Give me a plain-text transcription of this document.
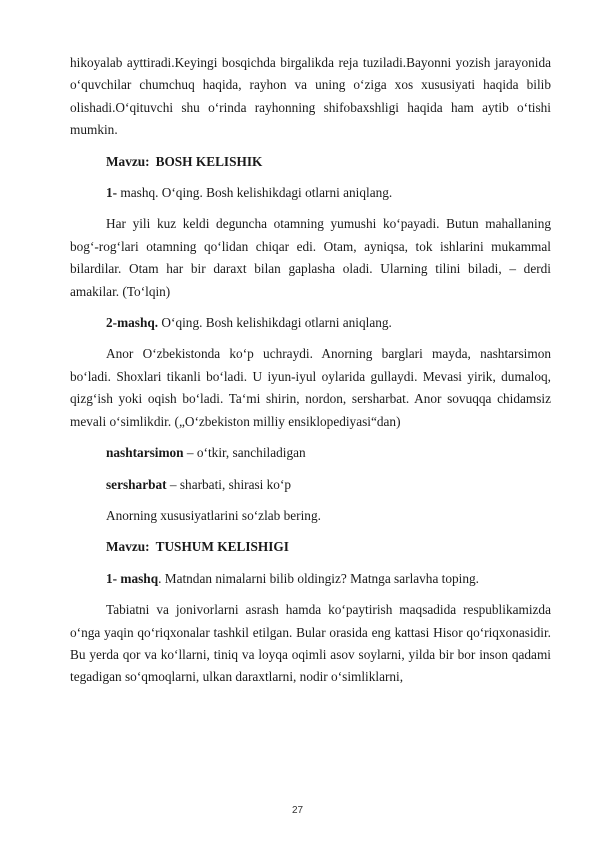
hikoyalab ayttiradi.Keyingi bosqichda birgalikda reja tuziladi.Bayonni yozish jarayonida o‘quvchilar chumchuq haqida, rayhon va uning o‘ziga xos xususiyati haqida bilib olishadi.O‘qituvchi shu o‘rinda rayhonning shifobaxshligi haqida ham aytib o‘tishi mumkin.

Mavzu: BOSH KELISHIK

1- mashq. O‘qing. Bosh kelishikdagi otlarni aniqlang.

Har yili kuz keldi deguncha otamning yumushi ko‘payadi. Butun mahallaning bog‘-rog‘lari otamning qo‘lidan chiqar edi. Otam, ayniqsa, tok ishlarini mukammal bilardilar. Otam har bir daraxt bilan gaplasha oladi. Ularning tilini biladi, – derdi amakilar. (To‘lqin)

2-mashq. O‘qing. Bosh kelishikdagi otlarni aniqlang.

Anor O‘zbekistonda ko‘p uchraydi. Anorning barglari mayda, nashtarsimon bo‘ladi. Shoxlari tikanli bo‘ladi. U iyun-iyul oylarida gullaydi. Mevasi yirik, dumaloq, qizg‘ish yoki oqish bo‘ladi. Ta‘mi shirin, nordon, sersharbat. Anor sovuqqa chidamsiz mevali o‘simlikdir. („O‘zbekiston milliy ensiklopediyasi“dan)

nashtarsimon – o‘tkir, sanchiladigan

sersharbat – sharbati, shirasi ko‘p

Anorning xususiyatlarini so‘zlab bering.

Mavzu: TUSHUM KELISHIGI

1- mashq. Matndan nimalarni bilib oldingiz? Matnga sarlavha toping.

Tabiatni va jonivorlarni asrash hamda ko‘paytirish maqsadida respublikamizda o‘nga yaqin qo‘riqxonalar tashkil etilgan. Bular orasida eng kattasi Hisor qo‘riqxonasidir. Bu yerda qor va ko‘llarni, tiniq va loyqa oqimli asov soylarni, yilda bir bor inson qadami tegadigan so‘qmoqlarni, ulkan daraxtlarni, nodir o‘simliklarni,

27
